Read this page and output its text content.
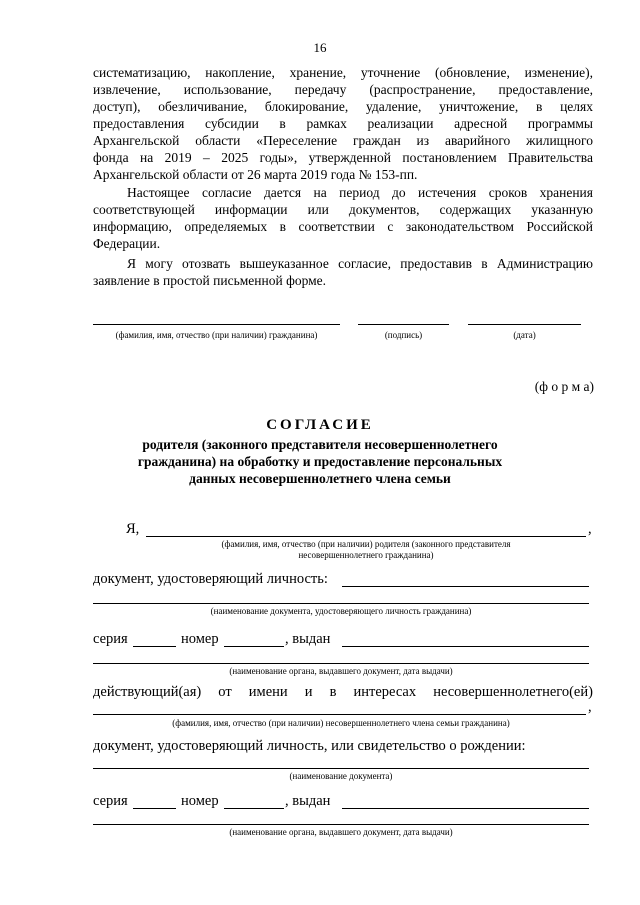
16
систематизацию, накопление, хранение, уточнение (обновление, изменение),
извлечение, использование, передачу (распространение, предоставление,
доступ), обезличивание, блокирование, удаление, уничтожение, в целях
предоставления субсидии в рамках реализации адресной программы
Архангельской области «Переселение граждан из аварийного жилищного
фонда на 2019 – 2025 годы», утвержденной постановлением Правительства
Архангельской области от 26 марта 2019 года № 153-пп.
Настоящее согласие дается на период до истечения сроков хранения
соответствующей информации или документов, содержащих указанную
информацию, определяемых в соответствии с законодательством Российской
Федерации.
Я могу отозвать вышеуказанное согласие, предоставив в Администрацию
заявление в простой письменной форме.
(фамилия, имя, отчество (при наличии) гражданина)	(подпись)	(дата)
(ф о р м а)
СОГЛАСИЕ
родителя (законного представителя несовершеннолетнего
гражданина) на обработку и предоставление персональных
данных несовершеннолетнего члена семьи
Я,	,
(фамилия, имя, отчество (при наличии) родителя (законного представителя
несовершеннолетнего гражданина)
документ, удостоверяющий личность:
(наименование документа, удостоверяющего личность гражданина)
серия	номер	, выдан
(наименование органа, выдавшего документ, дата выдачи)
действующий(ая) от имени и в интересах несовершеннолетнего(ей)
,
(фамилия, имя, отчество (при наличии) несовершеннолетнего члена семьи гражданина)
документ, удостоверяющий личность, или свидетельство о рождении:
(наименование документа)
серия	номер	, выдан
(наименование органа, выдавшего документ, дата выдачи)
